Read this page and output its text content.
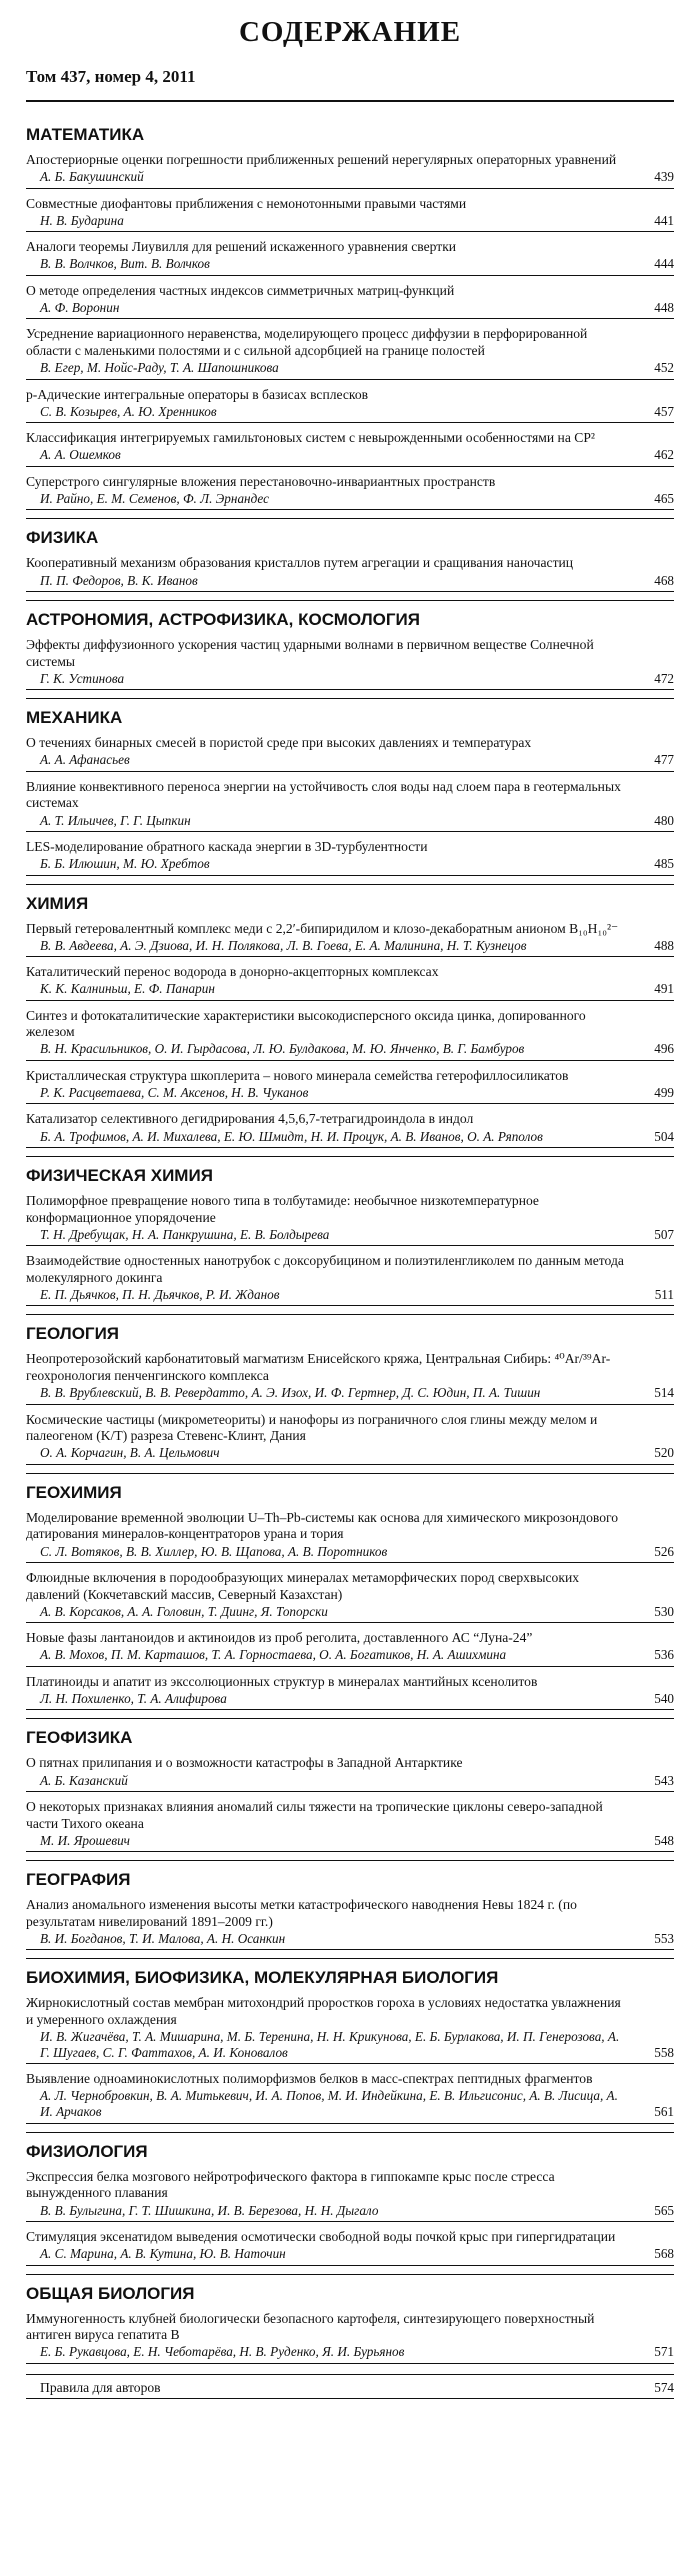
СОДЕРЖАНИЕ
Том 437, номер 4, 2011
МАТЕМАТИКА
Апостериорные оценки погрешности приближенных решений нерегулярных операторных уравнений
А. Б. Бакушинский	439
Совместные диофантовы приближения с немонотонными правыми частями
Н. В. Бударина	441
Аналоги теоремы Лиувилля для решений искаженного уравнения свертки
В. В. Волчков, Вит. В. Волчков	444
О методе определения частных индексов симметричных матриц-функций
А. Ф. Воронин	448
Усреднение вариационного неравенства, моделирующего процесс диффузии в перфорированной области с маленькими полостями и с сильной адсорбцией на границе полостей
В. Егер, М. Нойс-Раду, Т. А. Шапошникова	452
p-Адические интегральные операторы в базисах всплесков
С. В. Козырев, А. Ю. Хренников	457
Классификация интегрируемых гамильтоновых систем с невырожденными особенностями на CP²
А. А. Ошемков	462
Суперстрого сингулярные вложения перестановочно-инвариантных пространств
И. Райно, Е. М. Семенов, Ф. Л. Эрнандес	465
ФИЗИКА
Кооперативный механизм образования кристаллов путем агрегации и сращивания наночастиц
П. П. Федоров, В. К. Иванов	468
АСТРОНОМИЯ, АСТРОФИЗИКА, КОСМОЛОГИЯ
Эффекты диффузионного ускорения частиц ударными волнами в первичном веществе Солнечной системы
Г. К. Устинова	472
МЕХАНИКА
О течениях бинарных смесей в пористой среде при высоких давлениях и температурах
А. А. Афанасьев	477
Влияние конвективного переноса энергии на устойчивость слоя воды над слоем пара в геотермальных системах
А. Т. Ильичев, Г. Г. Цыпкин	480
LES-моделирование обратного каскада энергии в 3D-турбулентности
Б. Б. Илюшин, М. Ю. Хребтов	485
ХИМИЯ
Первый гетеровалентный комплекс меди с 2,2′-бипиридилом и клозо-декаборатным анионом B₁₀H₁₀²⁻
В. В. Авдеева, А. Э. Дзиова, И. Н. Полякова, Л. В. Гоева, Е. А. Малинина, Н. Т. Кузнецов	488
Каталитический перенос водорода в донорно-акцепторных комплексах
К. К. Калниньш, Е. Ф. Панарин	491
Синтез и фотокаталитические характеристики высокодисперсного оксида цинка, допированного железом
В. Н. Красильников, О. И. Гырдасова, Л. Ю. Булдакова, М. Ю. Янченко, В. Г. Бамбуров	496
Кристаллическая структура шкоплерита – нового минерала семейства гетерофиллосиликатов
Р. К. Расцветаева, С. М. Аксенов, Н. В. Чуканов	499
Катализатор селективного дегидрирования 4,5,6,7-тетрагидроиндола в индол
Б. А. Трофимов, А. И. Михалева, Е. Ю. Шмидт, Н. И. Процук, А. В. Иванов, О. А. Ряполов	504
ФИЗИЧЕСКАЯ ХИМИЯ
Полиморфное превращение нового типа в толбутамиде: необычное низкотемпературное конформационное упорядочение
Т. Н. Дребущак, Н. А. Панкрушина, Е. В. Болдырева	507
Взаимодействие одностенных нанотрубок с доксорубицином и полиэтиленгликолем по данным метода молекулярного докинга
Е. П. Дьячков, П. Н. Дьячков, Р. И. Жданов	511
ГЕОЛОГИЯ
Неопротерозойский карбонатитовый магматизм Енисейского кряжа, Центральная Сибирь: ⁴⁰Ar/³⁹Ar-геохронология пенченгинского комплекса
В. В. Врублевский, В. В. Ревердатто, А. Э. Изох, И. Ф. Гертнер, Д. С. Юдин, П. А. Тишин	514
Космические частицы (микрометеориты) и нанофоры из пограничного слоя глины между мелом и палеогеном (K/T) разреза Стевенс-Клинт, Дания
О. А. Корчагин, В. А. Цельмович	520
ГЕОХИМИЯ
Моделирование временной эволюции U–Th–Pb-системы как основа для химического микрозондового датирования минералов-концентраторов урана и тория
С. Л. Вотяков, В. В. Хиллер, Ю. В. Щапова, А. В. Поротников	526
Флюидные включения в породообразующих минералах метаморфических пород сверхвысоких давлений (Кокчетавский массив, Северный Казахстан)
А. В. Корсаков, А. А. Головин, Т. Диинг, Я. Топорски	530
Новые фазы лантаноидов и актиноидов из проб реголита, доставленного АС “Луна-24”
А. В. Мохов, П. М. Карташов, Т. А. Горностаева, О. А. Богатиков, Н. А. Ашихмина	536
Платиноиды и апатит из экссолюционных структур в минералах мантийных ксенолитов
Л. Н. Похиленко, Т. А. Алифирова	540
ГЕОФИЗИКА
О пятнах прилипания и о возможности катастрофы в Западной Антарктике
А. Б. Казанский	543
О некоторых признаках влияния аномалий силы тяжести на тропические циклоны северо-западной части Тихого океана
М. И. Ярошевич	548
ГЕОГРАФИЯ
Анализ аномального изменения высоты метки катастрофического наводнения Невы 1824 г. (по результатам нивелирований 1891–2009 гг.)
В. И. Богданов, Т. И. Малова, А. Н. Осанкин	553
БИОХИМИЯ, БИОФИЗИКА, МОЛЕКУЛЯРНАЯ БИОЛОГИЯ
Жирнокислотный состав мембран митохондрий проростков гороха в условиях недостатка увлажнения и умеренного охлаждения
И. В. Жигачёва, Т. А. Мишарина, М. Б. Теренина, Н. Н. Крикунова, Е. Б. Бурлакова, И. П. Генерозова, А. Г. Шугаев, С. Г. Фаттахов, А. И. Коновалов	558
Выявление одноаминокислотных полиморфизмов белков в масс-спектрах пептидных фрагментов
А. Л. Чернобровкин, В. А. Митькевич, И. А. Попов, М. И. Индейкина, Е. В. Ильгисонис, А. В. Лисица, А. И. Арчаков	561
ФИЗИОЛОГИЯ
Экспрессия белка мозгового нейротрофического фактора в гиппокампе крыс после стресса вынужденного плавания
В. В. Булыгина, Г. Т. Шишкина, И. В. Березова, Н. Н. Дыгало	565
Стимуляция эксенатидом выведения осмотически свободной воды почкой крыс при гипергидратации
А. С. Марина, А. В. Кутина, Ю. В. Наточин	568
ОБЩАЯ БИОЛОГИЯ
Иммуногенность клубней биологически безопасного картофеля, синтезирующего поверхностный антиген вируса гепатита В
Е. Б. Рукавцова, Е. Н. Чеботарёва, Н. В. Руденко, Я. И. Бурьянов	571
Правила для авторов	574
